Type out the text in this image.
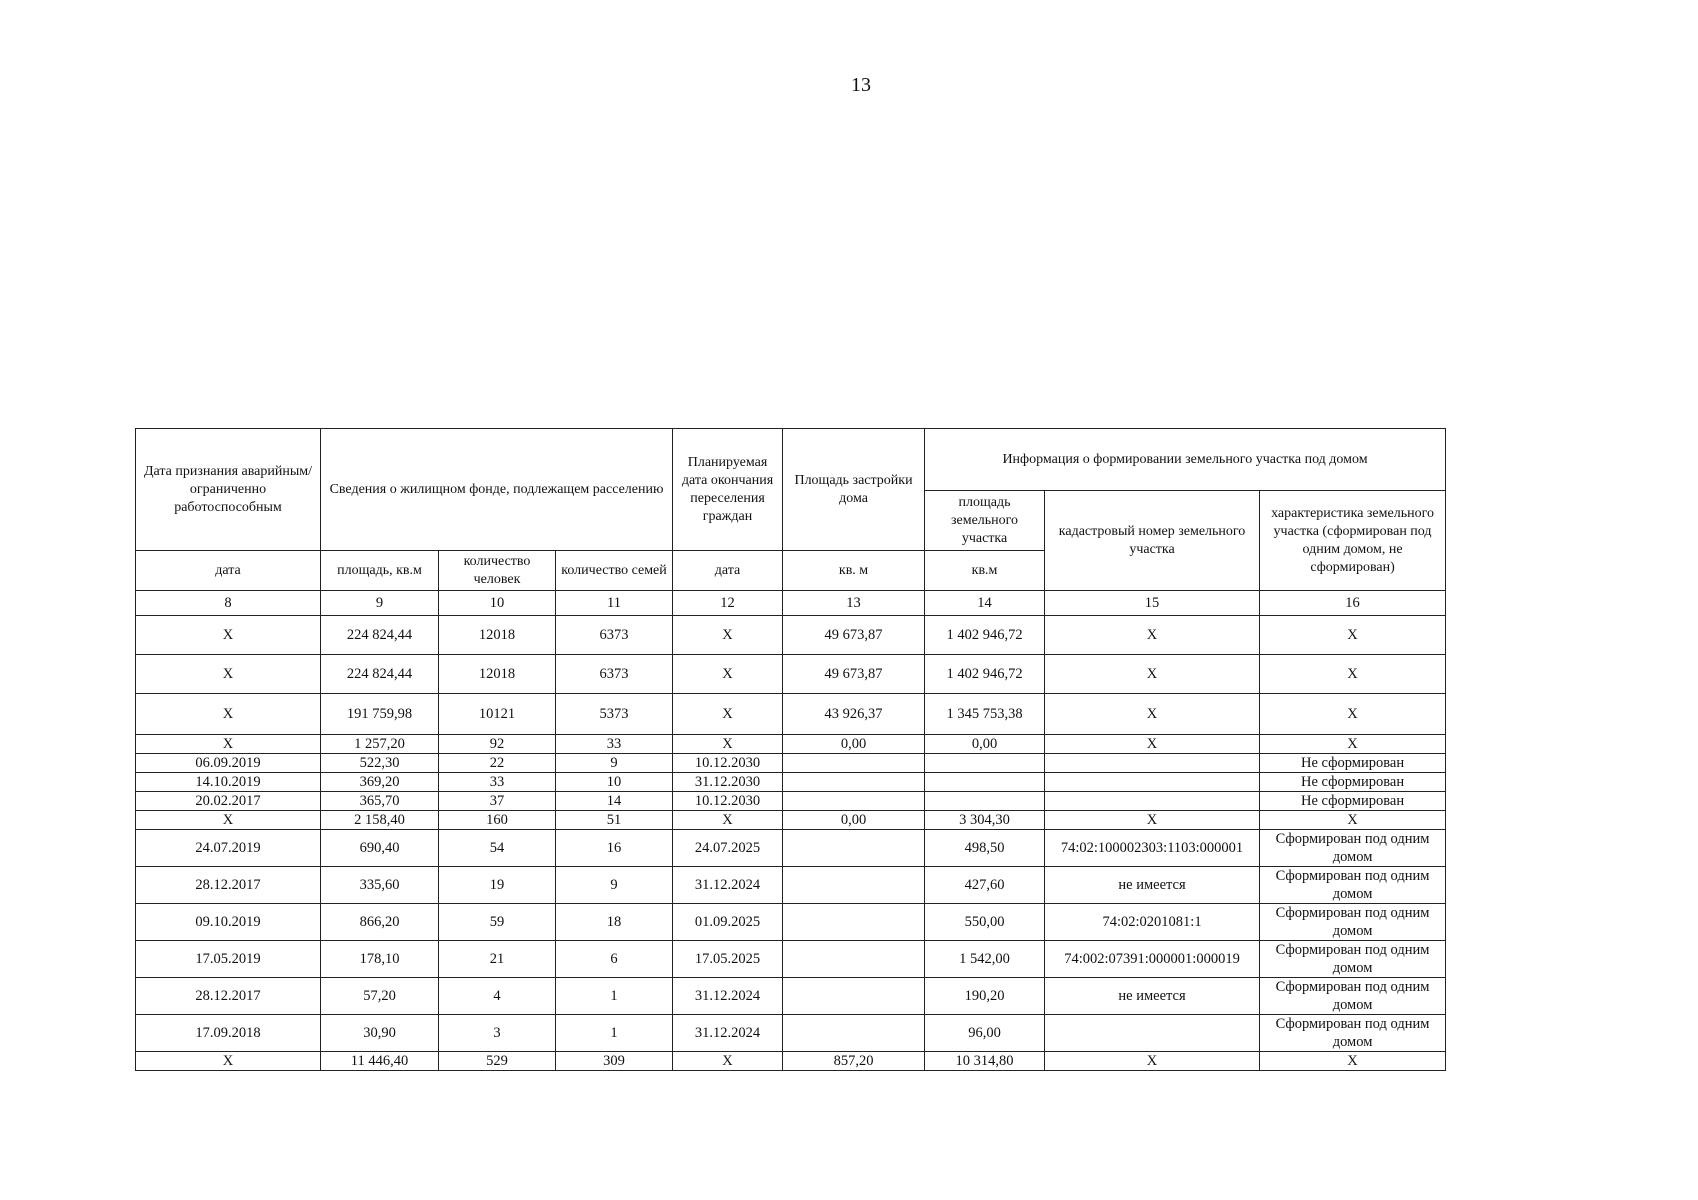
13
Дата признания аварийным/ограниченно работоспособным	Сведения о жилищном фонде, подлежащем расселению			Планируемая дата окончания переселения граждан	Площадь застройки дома	Информация о формировании земельного участка под домом		
						площадь земельного участка	кадастровый номер земельного участка	характеристика земельного участка (сформирован под одним домом, не сформирован)
дата	площадь, кв.м	количество человек	количество семей	дата	кв. м	кв.м		
8	9	10	11	12	13	14	15	16
X	224 824,44	12018	6373	X	49 673,87	1 402 946,72	X	X
X	224 824,44	12018	6373	X	49 673,87	1 402 946,72	X	X
X	191 759,98	10121	5373	X	43 926,37	1 345 753,38	X	X
X	1 257,20	92	33	X	0,00	0,00	X	X
06.09.2019	522,30	22	9	10.12.2030				Не сформирован
14.10.2019	369,20	33	10	31.12.2030				Не сформирован
20.02.2017	365,70	37	14	10.12.2030				Не сформирован
X	2 158,40	160	51	X	0,00	3 304,30	X	X
24.07.2019	690,40	54	16	24.07.2025		498,50	74:02:100002303:1103:000001	Сформирован под одним домом
28.12.2017	335,60	19	9	31.12.2024		427,60	не имеется	Сформирован под одним домом
09.10.2019	866,20	59	18	01.09.2025		550,00	74:02:0201081:1	Сформирован под одним домом
17.05.2019	178,10	21	6	17.05.2025		1 542,00	74:002:07391:000001:000019	Сформирован под одним домом
28.12.2017	57,20	4	1	31.12.2024		190,20	не имеется	Сформирован под одним домом
17.09.2018	30,90	3	1	31.12.2024		96,00		Сформирован под одним домом
X	11 446,40	529	309	X	857,20	10 314,80	X	X
